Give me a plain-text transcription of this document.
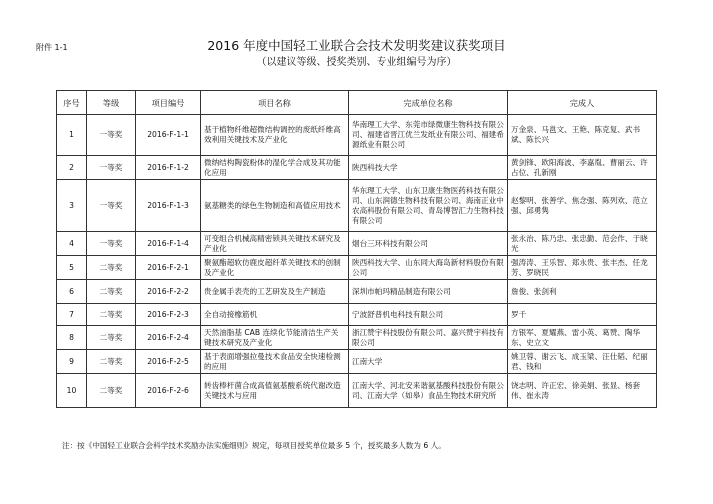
附件 1-1	2016 年度中国轻工业联合会技术发明奖建议获奖项目
（以建议等级、授奖类别、专业组编号为序）
序号	等级	项目编号	项目名称	完成单位名称	完成人
1	一等奖	2016-F-1-1	基于植物纤维超微结构调控的废纸纤维高效利用关键技术及产业化	华南理工大学、东莞市绿微康生物科技有限公司、福建省晋江优兰发纸业有限公司、福建希源纸业有限公司	万金泉、马邕文、王艳、陈克复、武书斌、陈长兴
2	一等奖	2016-F-1-2	微纳结构陶瓷粉体的湿化学合成及其功能化应用	陕西科技大学	黄剑锋、欧阳海波、李嘉胤、曹丽云、许占位、孔新刚
3	一等奖	2016-F-1-3	氨基糖类的绿色生物制造和高值应用技术	华东理工大学、山东卫康生物医药科技有限公司、山东润德生物科技有限公司、海南正业中农高科股份有限公司、青岛博智汇力生物科技有限公司	赵黎明、张善学、焦念强、陈列欢、范立强、邱勇隽
4	一等奖	2016-F-1-4	可变组合机械高精密锁具关键技术研究及产业化	烟台三环科技有限公司	张永治、陈乃忠、张忠勤、范会作、于晓光
5	二等奖	2016-F-2-1	聚氨酯超软仿鹿皮超纤革关键技术的创制及产业化	陕西科技大学、山东同大海岛新材料股份有限公司	强涛涛、王乐智、郑永贵、张丰杰、任龙芳、罗晓民
6	二等奖	2016-F-2-2	贵金属手表壳的工艺研发及生产制造	深圳市帕玛精品制造有限公司	詹俊、张剑利
7	二等奖	2016-F-2-3	全自动接橡筋机	宁波舒普机电科技有限公司	罗千
8	二等奖	2016-F-2-4	天然油脂基 CAB 连续化节能清洁生产关键技术研究及产业化	浙江赞宇科技股份有限公司、嘉兴赞宇科技有限公司	方银军、夏耀燕、雷小英、葛赞、陶华东、史立文
9	二等奖	2016-F-2-5	基于表面增强拉曼技术食品安全快速检测的应用	江南大学	姚卫蓉、谢云飞、成玉梁、汪仕韬、纪丽君、钱和
10	二等奖	2016-F-2-6	转齿棒杆菌合成高值氨基酸系统代谢改造关键技术与应用	江南大学、河北安来谐氨基酸科技股份有限公司、江南大学（如皋）食品生物技术研究所	饶志明、许正宏、徐美娟、张显、杨套伟、崔永涛
注：按《中国轻工业联合会科学技术奖励办法实施细则》规定，每项目授奖单位最多 5 个，授奖最多人数为 6 人。
